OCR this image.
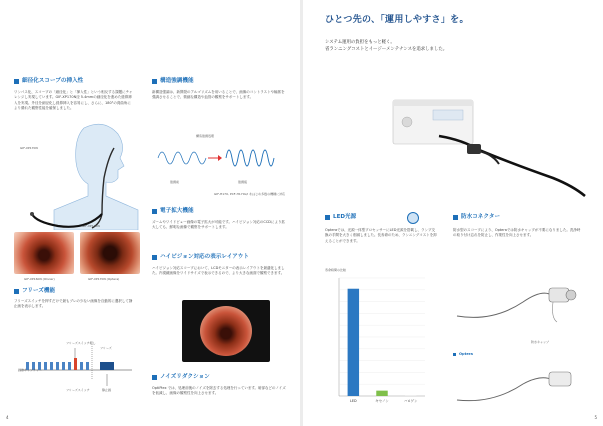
細径化スコープの挿入性
ワンパス化、スコープの「細径化」と「挿入性」という相反する課題にチャレンジし実現しています。GIF-XP170N径 5.4mmの細径化を進めた経鼻挿入を実現。外径を細径化し経鼻挿入を容易にし、さらに、180°の湾曲角により優れた観察性能を確保しました。
GIF-XP170N
GIF-XP170N
GIF-XP160N (Olivier)	GIF-XP170N (Optera)
フリーズ機能
フリーズスイッチを押すだけで最もブレの少ない画像を自動的に選択して静止画を表示します。
フリーズスイッチ押し
画像キャプチャー
フリーズ
フリーズスイッチ	静止画
構造強調機能
新構造強調は、新開発のアルゴリズムを用いることで、画像のコントラストや輪郭を強調させることで、微細な構造や血管の観察をサポートします。
構造強調処理
強調前	強調後
GIF-H170, PCF-H170L/I をはじめ多数の機種に対応
電子拡大機能
ズームやワイドビュー画像の電子拡大が可能です。ハイビジョン対応のCCDにより拡大しても、鮮明な画像で観察をサポートします。
ハイビジョン対応の表示レイアウト
ハイビジョン対応スコープにおいて、LCDモニターの表示レイアウトを最適化しました。内視鏡画像をワイドサイズで表示できるので、より大きな画面で観察できます。
ノイズリダクション
OptiPlex では、処理前後のノイズを除去する処理を行っています。暗部などのノイズを低減し、画像の観察性を向上させます。
4
ひとつ先の、「運用しやすさ」を。
システム運用の負担をもっと軽く。
省ランニングコストとイージーメンテナンスを追求しました。
LED光源
Opteraでは、光源一体型プロセッサーにLED光源を搭載し、ランプ交換の手間を大きく削減しました。長寿命のため、ランニングコストを抑えることができます。
寿命時間の比較
LED	キセノン	ハロゲン
防水コネクター
防水型のスコープにより、Opteraでは防水キャップが不要になりました。洗浄時の取り付け忘れを防止し、作業性を向上させます。
防水キャップ
Optera
5
